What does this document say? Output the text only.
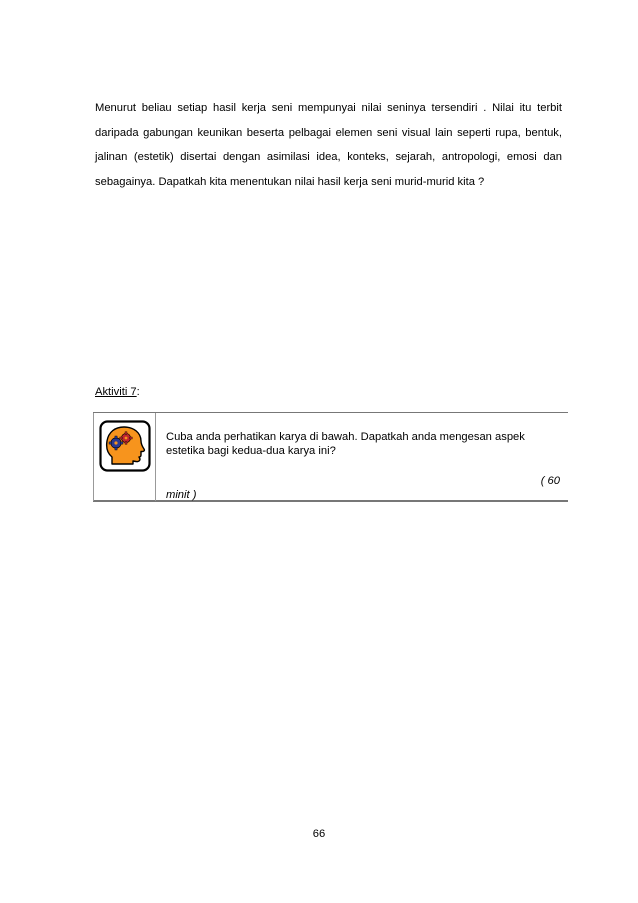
Menurut beliau setiap hasil kerja seni mempunyai nilai seninya tersendiri . Nilai itu terbit daripada gabungan keunikan beserta pelbagai elemen seni visual lain seperti rupa, bentuk, jalinan (estetik) disertai dengan asimilasi idea, konteks, sejarah, antropologi, emosi dan sebagainya. Dapatkah kita menentukan nilai hasil kerja seni murid-murid kita ?

Aktiviti 7:

Cuba anda perhatikan karya di bawah. Dapatkah anda mengesan aspek estetika bagi kedua-dua karya ini?

( 60

minit )

66
